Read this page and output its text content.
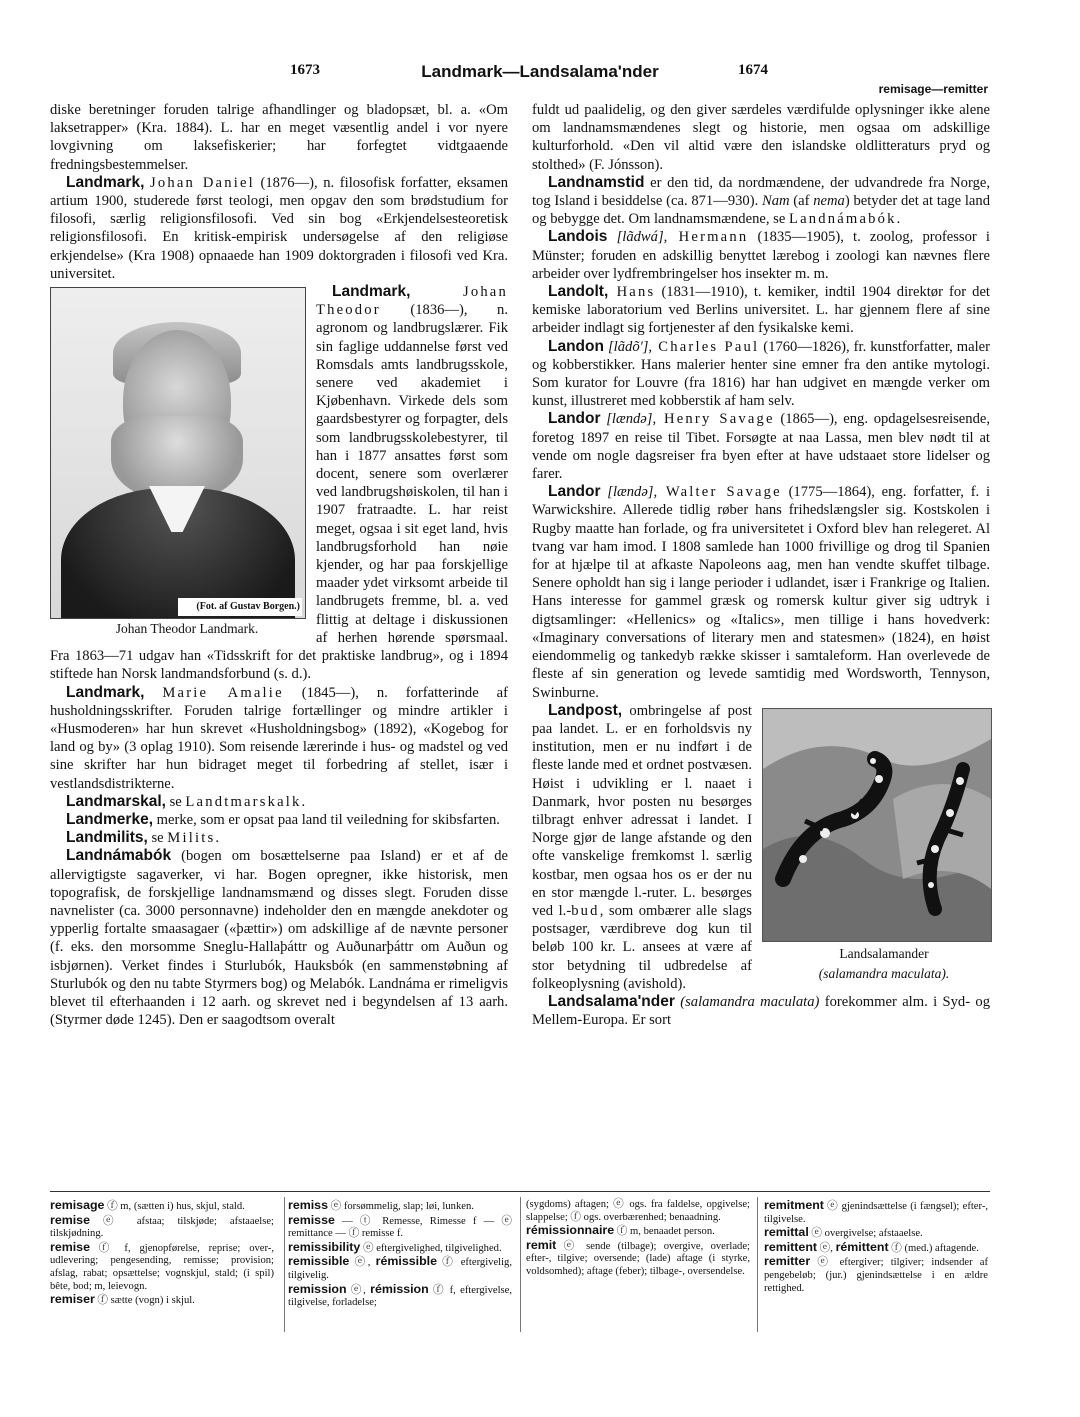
1673	Landmark—Landsalama'nder	1674
remisage—remitter

diske beretninger foruden talrige afhandlinger og bladopsæt, bl. a. «Om laksetrapper» (Kra. 1884). L. har en meget væsentlig andel i vor nyere lovgivning om laksefiskerier; har forfegtet vidtgaaende fredningsbestemmelser.

Landmark, Johan Daniel (1876—), n. filosofisk forfatter, eksamen artium 1900, studerede først teologi, men opgav den som brødstudium for filosofi, særlig religionsfilosofi. Ved sin bog «Erkjendelsesteoretisk religionsfilosofi. En kritisk-empirisk undersøgelse af den religiøse erkjendelse» (Kra 1908) opnaaede han 1909 doktorgraden i filosofi ved Kra. universitet.

(Fot. af Gustav Borgen.)
Johan Theodor Landmark.
Landmark,	Johan Theodor (1836—), n. agronom og landbrugslærer. Fik sin faglige uddannelse først ved Romsdals amts landbrugsskole, senere ved akademiet i Kjøbenhavn. Virkede dels som gaardsbestyrer og forpagter, dels som landbrugsskolebestyrer, til han i 1877 ansattes først som docent, senere som overlærer ved landbrugshøiskolen, til han i 1907 fratraadte. L. har reist meget, ogsaa i sit eget land, hvis landbrugsforhold han nøie kjender, og har paa forskjellige maader ydet virksomt arbeide til landbrugets fremme, bl. a. ved flittig at deltage i diskussionen af herhen hørende spørsmaal. Fra 1863—71 udgav han «Tidsskrift for det praktiske landbrug», og i 1894 stiftede han Norsk landmandsforbund (s. d.).

Landmark, Marie Amalie (1845—), n. forfatterinde af husholdningsskrifter. Foruden talrige fortællinger og mindre artikler i «Husmoderen» har hun skrevet «Husholdningsbog» (1892), «Kogebog for land og by» (3 oplag 1910). Som reisende lærerinde i hus- og madstel og ved sine skrifter har hun bidraget meget til forbedring af stellet, især i vestlandsdistrikterne.

Landmarskal, se Landtmarskalk.

Landmerke, merke, som er opsat paa land til veiledning for skibsfarten.

Landmilits, se Milits.

Landnámabók (bogen om bosættelserne paa Island) er et af de allervigtigste sagaverker, vi har. Bogen opregner, ikke historisk, men topografisk, de forskjellige landnamsmænd og disses slegt. Foruden disse navnelister (ca. 3000 personnavne) indeholder den en mængde anekdoter og ypperlig fortalte smaasagaer («þættir») om adskillige af de nævnte personer (f. eks. den morsomme Sneglu-Hallaþáttr og Auðunarþáttr om Auðun og isbjørnen). Verket findes i Sturlubók, Hauksbók (en sammenstøbning af Sturlubók og den nu tabte Styrmers bog) og Melabók. Landnáma er rimeligvis blevet til efterhaanden i 12 aarh. og skrevet ned i begyndelsen af 13 aarh. (Styrmer døde 1245). Den er saagodtsom overalt

fuldt ud paalidelig, og den giver særdeles værdifulde oplysninger ikke alene om landnamsmændenes slegt og historie, men ogsaa om adskillige kulturforhold. «Den vil altid være den islandske oldlitteraturs pryd og stolthed» (F. Jónsson).

Landnamstid er den tid, da nordmændene, der udvandrede fra Norge, tog Island i besiddelse (ca. 871—930). Nam (af nema) betyder det at tage land og bebygge det. Om landnamsmændene, se Landnámabók.

Landois [lãdwá], Hermann (1835—1905), t. zoolog, professor i Münster; foruden en adskillig benyttet lærebog i zoologi kan nævnes flere arbeider over lydfrembringelser hos insekter m. m.

Landolt, Hans (1831—1910), t. kemiker, indtil 1904 direktør for det kemiske laboratorium ved Berlins universitet. L. har gjennem flere af sine arbeider indlagt sig fortjenester af den fysikalske kemi.

Landon [lãdõ'], Charles Paul (1760—1826), fr. kunstforfatter, maler og kobberstikker. Hans malerier henter sine emner fra den antike mytologi. Som kurator for Louvre (fra 1816) har han udgivet en mængde verker om kunst, illustreret med kobberstik af ham selv.

Landor [lændə], Henry Savage (1865—), eng. opdagelsesreisende, foretog 1897 en reise til Tibet. Forsøgte at naa Lassa, men blev nødt til at vende om nogle dagsreiser fra byen efter at have udstaaet store lidelser og farer.

Landor [lændə], Walter Savage (1775—1864), eng. forfatter, f. i Warwickshire. Allerede tidlig røber hans frihedslængsler sig. Kostskolen i Rugby maatte han forlade, og fra universitetet i Oxford blev han relegeret. Al tvang var ham imod. I 1808 samlede han 1000 frivillige og drog til Spanien for at hjælpe til at afkaste Napoleons aag, men han vendte skuffet tilbage. Senere opholdt han sig i lange perioder i udlandet, især i Frankrige og Italien. Hans interesse for gammel græsk og romersk kultur giver sig udtryk i digtsamlinger: «Hellenics» og «Italics», men tillige i hans hovedverk: «Imaginary conversations of literary men and statesmen» (1824), en høist eiendommelig og tankedyb række skisser i samtaleform. Han overlevede de fleste af sin generation og levede samtidig med Wordsworth, Tennyson, Swinburne.

Landsalamander
(salamandra maculata).
Landpost, ombringelse af post paa landet. L. er en forholdsvis ny institution, men er nu indført i de fleste lande med et ordnet postvæsen. Høist i udvikling er l. naaet i Danmark, hvor posten nu besørges tilbragt enhver adressat i landet. I Norge gjør de lange afstande og den ofte vanskelige fremkomst l. særlig kostbar, men ogsaa hos os er der nu en stor mængde l.-ruter. L. besørges ved l.-bud, som ombærer alle slags postsager, værdibreve dog kun til beløb 100 kr. L. ansees at være af stor betydning til udbredelse af folkeoplysning (avishold).

Landsalama'nder (salamandra maculata) forekommer alm. i Syd- og Mellem-Europa. Er sort

remisage ⓕ m, (sætten i) hus, skjul, stald.

remise ⓔ afstaa; tilskjøde; afstaaelse; tilskjødning.

remise ⓕ f, gjenopførelse, reprise; over-, udlevering; pengesending, remisse; provision; afslag, rabat; opsættelse; vognskjul, stald; (i spil) bête, bod; m, leievogn.

remiser ⓕ sætte (vogn) i skjul.

remiss ⓔ forsømmelig, slap; løi, lunken.

remisse — ⓣ Remesse, Rimesse f — ⓔ remittance — ⓕ remisse f.

remissibility ⓔ eftergivelighed, tilgivelighed.

remissible ⓔ, rémissible ⓕ eftergivelig, tilgivelig.

remission ⓔ, rémission ⓕ f, eftergivelse, tilgivelse, forladelse;

(sygdoms) aftagen; ⓔ ogs. fra faldelse, opgivelse; slappelse; ⓕ ogs. overbærenhed; benaadning.

rémissionnaire ⓕ m, benaadet person.

remit ⓔ sende (tilbage); overgive, overlade; efter-, tilgive; oversende; (lade) aftage (i styrke, voldsomhed); aftage (feber); tilbage-, oversendelse.

remitment ⓔ gjenindsættelse (i fængsel); efter-, tilgivelse.

remittal ⓔ overgivelse; afstaaelse.

remittent ⓔ, rémittent ⓕ (med.) aftagende.

remitter ⓔ eftergiver; tilgiver; indsender af pengebeløb; (jur.) gjenindsættelse i en ældre rettighed.
